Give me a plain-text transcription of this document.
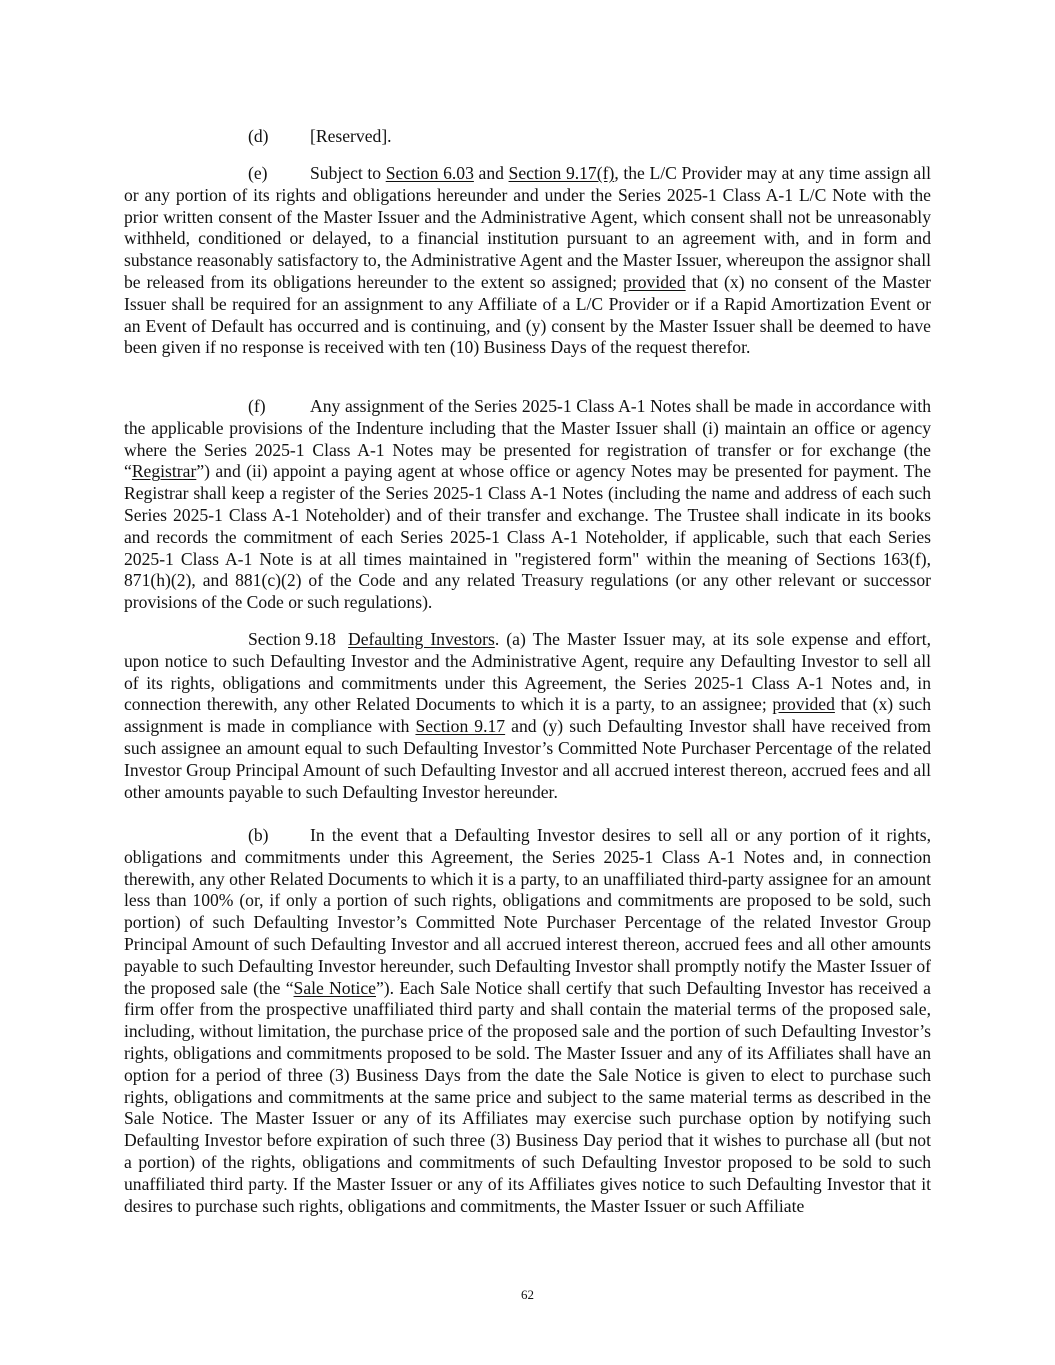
(d) [Reserved].

(e) Subject to Section 6.03 and Section 9.17(f), the L/C Provider may at any time assign all or any portion of its rights and obligations hereunder and under the Series 2025-1 Class A-1 L/C Note with the prior written consent of the Master Issuer and the Administrative Agent, which consent shall not be unreasonably withheld, conditioned or delayed, to a financial institution pursuant to an agreement with, and in form and substance reasonably satisfactory to, the Administrative Agent and the Master Issuer, whereupon the assignor shall be released from its obligations hereunder to the extent so assigned; provided that (x) no consent of the Master Issuer shall be required for an assignment to any Affiliate of a L/C Provider or if a Rapid Amortization Event or an Event of Default has occurred and is continuing, and (y) consent by the Master Issuer shall be deemed to have been given if no response is received with ten (10) Business Days of the request therefor.

(f)	Any assignment of the Series 2025-1 Class A-1 Notes shall be made in accordance with the applicable provisions of the Indenture including that the Master Issuer shall (i) maintain an office or agency where the Series 2025-1 Class A-1 Notes may be presented for registration of transfer or for exchange (the “Registrar”) and (ii) appoint a paying agent at whose office or agency Notes may be presented for payment. The Registrar shall keep a register of the Series 2025-1 Class A-1 Notes (including the name and address of each such Series 2025-1 Class A-1 Noteholder) and of their transfer and exchange. The Trustee shall indicate in its books and records the commitment of each Series 2025-1 Class A-1 Noteholder, if applicable, such that each Series 2025-1 Class A-1 Note is at all times maintained in "registered form" within the meaning of Sections 163(f), 871(h)(2), and 881(c)(2) of the Code and any related Treasury regulations (or any other relevant or successor provisions of the Code or such regulations).

Section 9.18 Defaulting Investors. (a) The Master Issuer may, at its sole expense and effort, upon notice to such Defaulting Investor and the Administrative Agent, require any Defaulting Investor to sell all of its rights, obligations and commitments under this Agreement, the Series 2025-1 Class A-1 Notes and, in connection therewith, any other Related Documents to which it is a party, to an assignee; provided that (x) such assignment is made in compliance with Section 9.17 and (y) such Defaulting Investor shall have received from such assignee an amount equal to such Defaulting Investor’s Committed Note Purchaser Percentage of the related Investor Group Principal Amount of such Defaulting Investor and all accrued interest thereon, accrued fees and all other amounts payable to such Defaulting Investor hereunder.

(b) In the event that a Defaulting Investor desires to sell all or any portion of it rights, obligations and commitments under this Agreement, the Series 2025-1 Class A-1 Notes and, in connection therewith, any other Related Documents to which it is a party, to an unaffiliated third-party assignee for an amount less than 100% (or, if only a portion of such rights, obligations and commitments are proposed to be sold, such portion) of such Defaulting Investor’s Committed Note Purchaser Percentage of the related Investor Group Principal Amount of such Defaulting Investor and all accrued interest thereon, accrued fees and all other amounts payable to such Defaulting Investor hereunder, such Defaulting Investor shall promptly notify the Master Issuer of the proposed sale (the “Sale Notice”). Each Sale Notice shall certify that such Defaulting Investor has received a firm offer from the prospective unaffiliated third party and shall contain the material terms of the proposed sale, including, without limitation, the purchase price of the proposed sale and the portion of such Defaulting Investor’s rights, obligations and commitments proposed to be sold. The Master Issuer and any of its Affiliates shall have an option for a period of three (3) Business Days from the date the Sale Notice is given to elect to purchase such rights, obligations and commitments at the same price and subject to the same material terms as described in the Sale Notice. The Master Issuer or any of its Affiliates may exercise such purchase option by notifying such Defaulting Investor before expiration of such three (3) Business Day period that it wishes to purchase all (but not a portion) of the rights, obligations and commitments of such Defaulting Investor proposed to be sold to such unaffiliated third party. If the Master Issuer or any of its Affiliates gives notice to such Defaulting Investor that it desires to purchase such rights, obligations and commitments, the Master Issuer or such Affiliate

62
